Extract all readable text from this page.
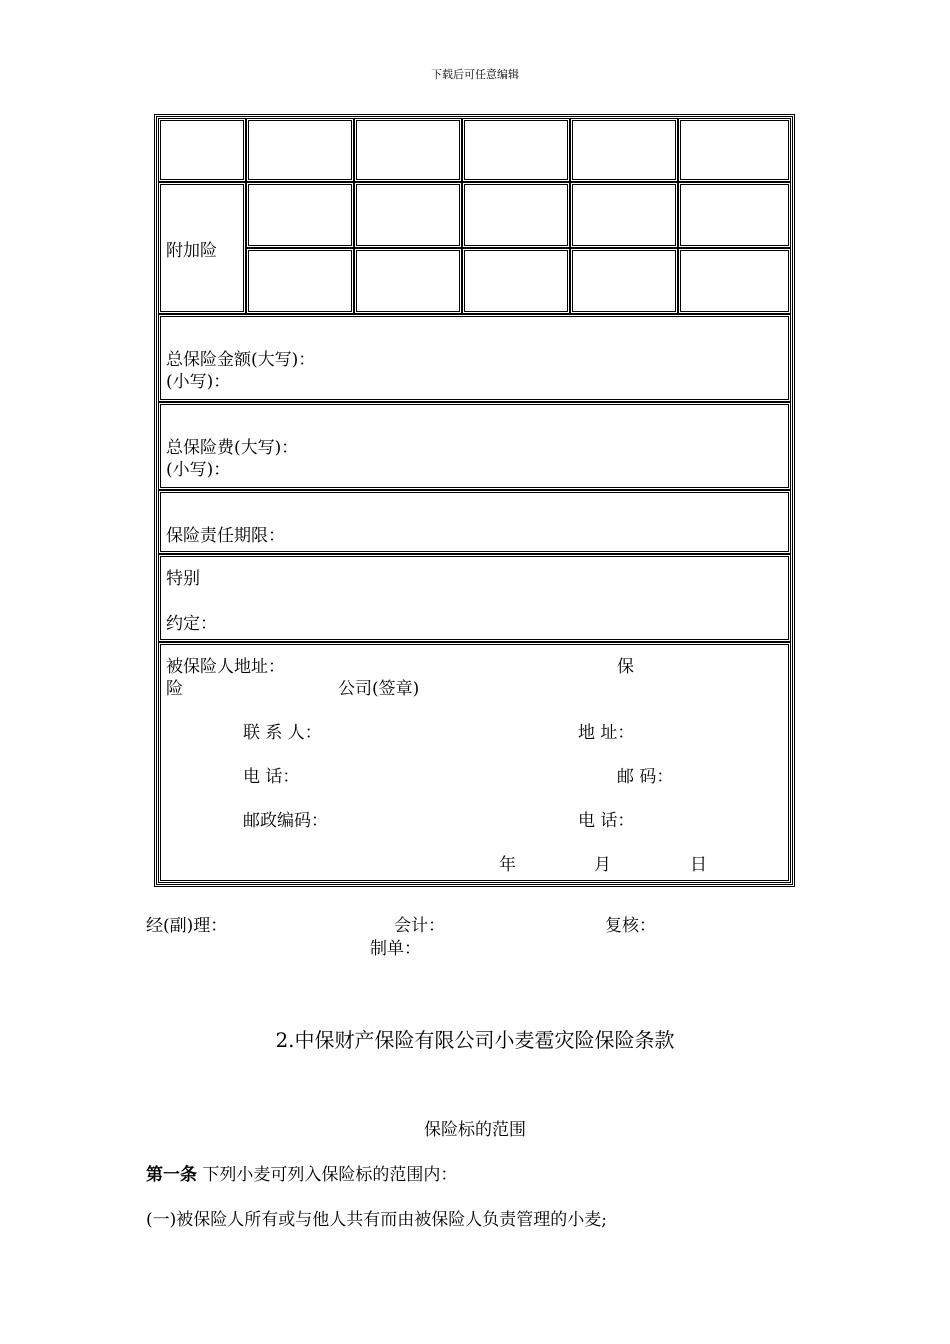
下载后可任意编辑
附加险
总保险金额(大写)：
(小写)：
总保险费(大写)：
(小写)：
保险责任期限：
特别
约定：
被保险人地址：	保
险	公司(签章)
联 系 人：	地 址：
电 话：	邮 码：
邮政编码：	电 话：
年	月	日
经(副)理：	会计：	复核：
制单：
2.中保财产保险有限公司小麦雹灾险保险条款
保险标的范围
第一条 下列小麦可列入保险标的范围内：
(一)被保险人所有或与他人共有而由被保险人负责管理的小麦;
